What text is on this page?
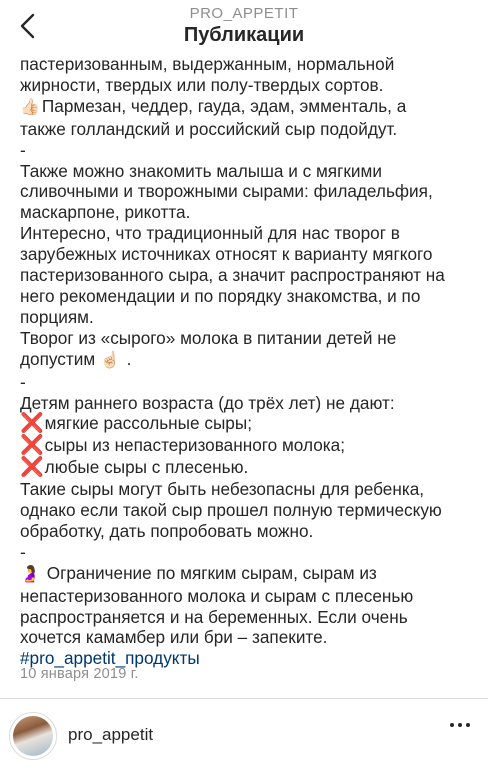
PRO_APPETIT
Публикации
пастеризованным, выдержанным, нормальной
жирности, твердых или полу-твердых сортов.
👍🏻 Пармезан, чеддер, гауда, эдам, эмменталь, а
также голландский и российский сыр подойдут.
-
Также можно знакомить малыша и с мягкими
сливочными и творожными сырами: филадельфия,
маскарпоне, рикотта.
Интересно, что традиционный для нас творог в
зарубежных источниках относят к варианту мягкого
пастеризованного сыра, а значит распространяют на
него рекомендации и по порядку знакомства, и по
порциям.
Творог из «сырого» молока в питании детей не
допустим ☝🏻 .
-
Детям раннего возраста (до трёх лет) не дают:
❌мягкие рассольные сыры;
❌сыры из непастеризованного молока;
❌любые сыры с плесенью.
Такие сыры могут быть небезопасны для ребенка,
однако если такой сыр прошел полную термическую
обработку, дать попробовать можно.
-
🤰 Ограничение по мягким сырам, сырам из
непастеризованного молока и сырам с плесенью
распространяется и на беременных. Если очень
хочется камамбер или бри – запеките.
#pro_appetit_продукты
10 января 2019 г.
pro_appetit
